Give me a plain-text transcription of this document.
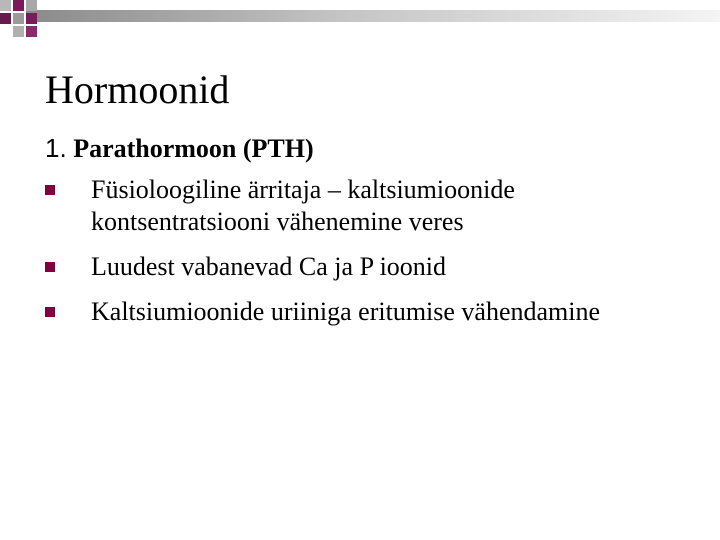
Hormoonid
1. Parathormoon (PTH)
Füsioloogiline ärritaja – kaltsiumioonide kontsentratsiooni vähenemine veres
Luudest vabanevad Ca ja P ioonid
Kaltsiumioonide uriiniga eritumise vähendamine
